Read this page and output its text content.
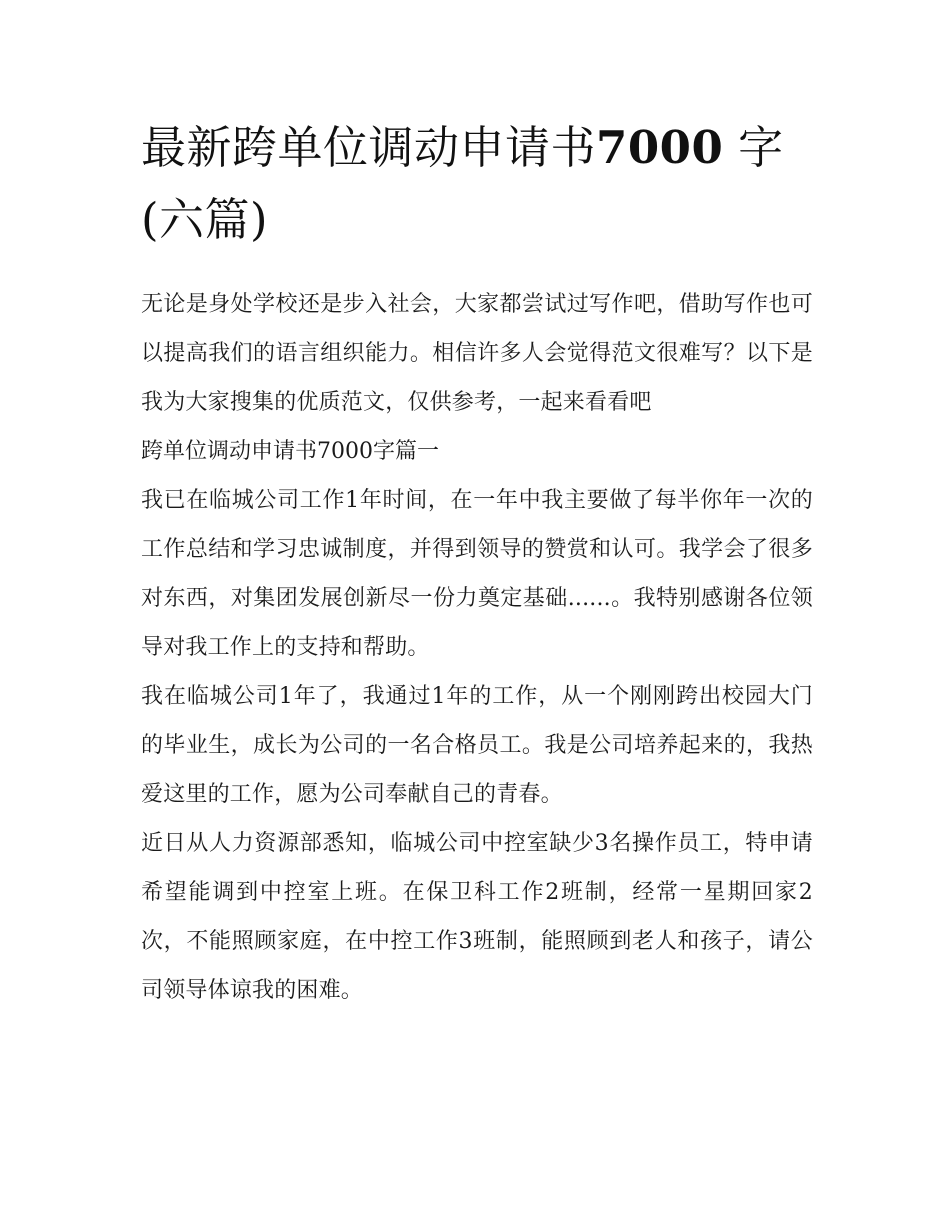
最新跨单位调动申请书7000 字
(六篇)

无论是身处学校还是步入社会，大家都尝试过写作吧，借助写作也可以提高我们的语言组织能力。相信许多人会觉得范文很难写？以下是我为大家搜集的优质范文，仅供参考，一起来看看吧

跨单位调动申请书7000字篇一

我已在临城公司工作1年时间，在一年中我主要做了每半你年一次的工作总结和学习忠诚制度，并得到领导的赞赏和认可。我学会了很多对东西，对集团发展创新尽一份力奠定基础......。我特别感谢各位领导对我工作上的支持和帮助。

我在临城公司1年了，我通过1年的工作，从一个刚刚跨出校园大门的毕业生，成长为公司的一名合格员工。我是公司培养起来的，我热爱这里的工作，愿为公司奉献自己的青春。

近日从人力资源部悉知，临城公司中控室缺少3名操作员工，特申请希望能调到中控室上班。在保卫科工作2班制，经常一星期回家2次，不能照顾家庭，在中控工作3班制，能照顾到老人和孩子，请公司领导体谅我的困难。
